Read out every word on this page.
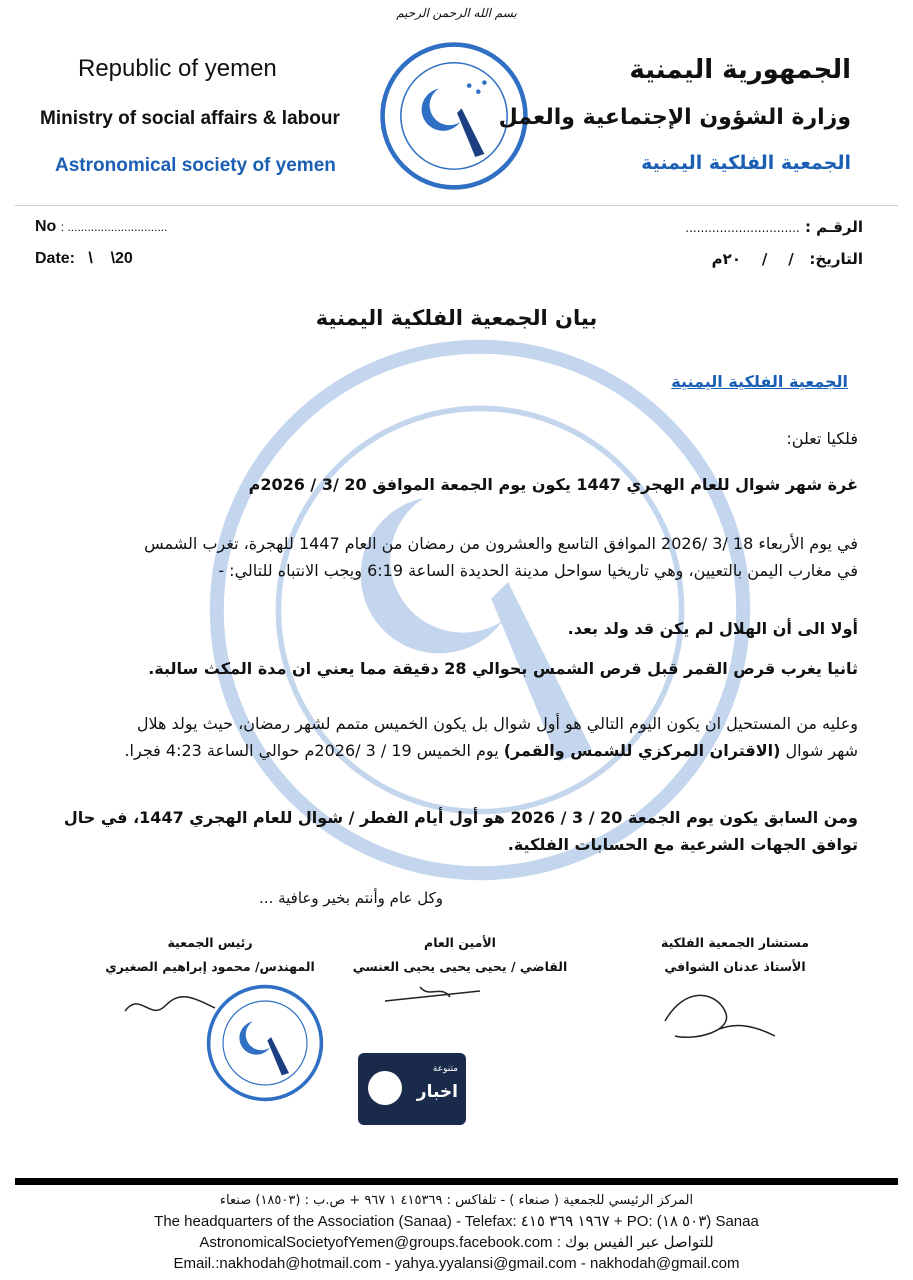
بسم الله الرحمن الرحيم
Republic of yemen
Ministry of social affairs & labour
Astronomical society of yemen
الجمهورية اليمنية
وزارة الشؤون الإجتماعية والعمل
الجمعية الفلكية اليمنية
No : ..............................
Date: \    \20
الرقـم : ..............................
التاريخ:   /    /    ٢٠م
بيان الجمعية الفلكية اليمنية
الجمعية الفلكية اليمنية
فلكيا تعلن:
غرة شهر شوال للعام الهجري 1447 يكون يوم الجمعة الموافق 20 /3 / 2026م
في يوم الأربعاء 18 /3 /2026 الموافق التاسع والعشرون من رمضان من العام 1447 للهجرة، تغرب الشمس
في مغارب اليمن بالتعيين، وهي تاريخيا سواحل مدينة الحديدة الساعة 6:19 ويجب الانتباه للتالي: -
أولا الى أن الهلال لم يكن قد ولد بعد.
ثانيا يغرب قرص القمر قبل قرص الشمس بحوالي 28 دقيقة مما يعني ان مدة المكث سالبة.
وعليه من المستحيل ان يكون اليوم التالي هو أول شوال بل يكون الخميس متمم لشهر رمضان، حيث يولد هلال
شهر شوال (الاقتران المركزي للشمس والقمر) يوم الخميس 19 / 3 /2026م حوالي الساعة 4:23 فجرا.
ومن السابق يكون يوم الجمعة 20 / 3 / 2026 هو أول أيام الفطر / شوال للعام الهجري 1447، في حال
توافق الجهات الشرعية مع الحسابات الفلكية.
وكل عام وأنتم بخير وعافية ...
رئيس الجمعية
المهندس/ محمود إبراهيم الصغيري
الأمين العام
القاضي / يحيى يحيى يحيى العنسي
مستشار الجمعية الفلكية
الأستاذ عدنان الشوافي
متنوعة
اخبار
المركز الرئيسي للجمعية ( صنعاء ) - تلفاكس : ٤١٥٣٦٩ ١ ٩٦٧ + ص.ب : (١٨٥٠٣) صنعاء
The headquarters of the Association (Sanaa) - Telefax: ١٩٦٧ ٣٦٩ ٤١٥ + PO: (٥٠٣ ١٨) Sanaa
AstronomicalSocietyofYemen@groups.facebook.com : للتواصل عبر الفيس بوك
Email.:nakhodah@hotmail.com - yahya.yyalansi@gmail.com - nakhodah@gmail.com
